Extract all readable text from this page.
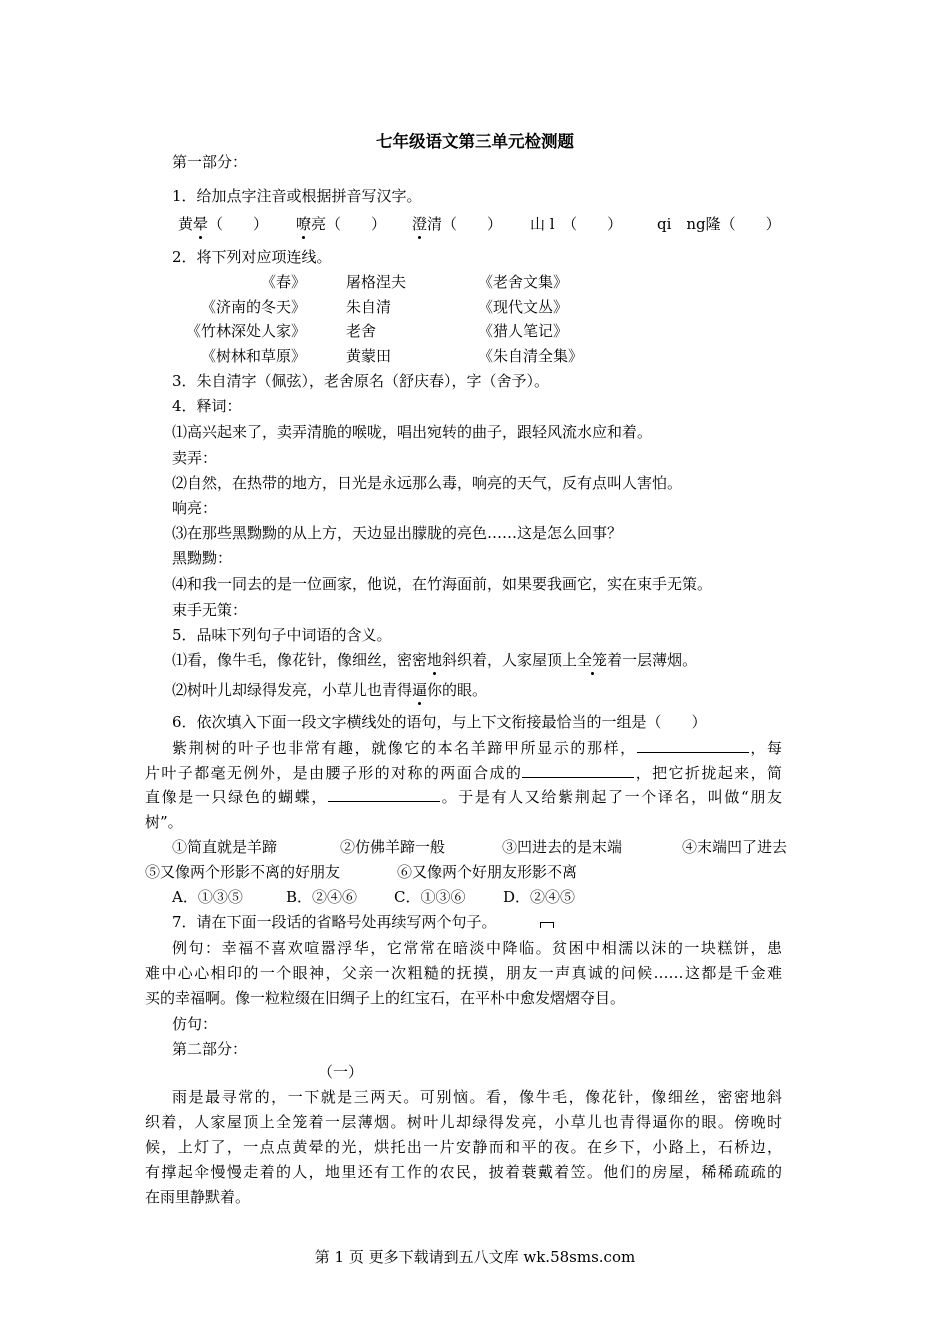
七年级语文第三单元检测题
第一部分：
1．给加点字注音或根据拼音写汉字。
黄晕（　　） 嘹亮（　　） 澄清（　　） 山 l　（　　） qi　ng隆（　　）
2．将下列对应项连线。
《春》	屠格涅夫	《老舍文集》
《济南的冬天》	朱自清	《现代文丛》
《竹林深处人家》	老舍	《猎人笔记》
《树林和草原》	黄蒙田	《朱自清全集》
3．朱自清字（佩弦），老舍原名（舒庆春），字（舍予）。
4．释词：
⑴高兴起来了，卖弄清脆的喉咙，唱出宛转的曲子，跟轻风流水应和着。
卖弄：
⑵自然，在热带的地方，日光是永远那么毒，响亮的天气，反有点叫人害怕。
响亮：
⑶在那些黑黝黝的从上方，天边显出朦胧的亮色……这是怎么回事？
黑黝黝：
⑷和我一同去的是一位画家，他说，在竹海面前，如果要我画它，实在束手无策。
束手无策：
5．品味下列句子中词语的含义。
⑴看，像牛毛，像花针，像细丝，密密地斜织着，人家屋顶上全笼着一层薄烟。
⑵树叶儿却绿得发亮，小草儿也青得逼你的眼。
6．依次填入下面一段文字横线处的语句，与上下文衔接最恰当的一组是（　　）
紫荆树的叶子也非常有趣，就像它的本名羊蹄甲所显示的那样，	，每
片叶子都毫无例外，是由腰子形的对称的两面合成的	，把它折拢起来，简
直像是一只绿色的蝴蝶，	。于是有人又给紫荆起了一个译名，叫做“朋友
树”。
①简直就是羊蹄	②仿佛羊蹄一般	③凹进去的是末端	④末端凹了进去
⑤又像两个形影不离的好朋友	⑥又像两个好朋友形影不离
A．①③⑤	B．②④⑥ C．①③⑥	D．②④⑤
7．请在下面一段话的省略号处再续写两个句子。
例句：幸福不喜欢喧嚣浮华，它常常在暗淡中降临。贫困中相濡以沫的一块糕饼，患
难中心心相印的一个眼神，父亲一次粗糙的抚摸，朋友一声真诚的问候……这都是千金难
买的幸福啊。像一粒粒缀在旧绸子上的红宝石，在平朴中愈发熠熠夺目。
仿句：
第二部分：
（一）
雨是最寻常的，一下就是三两天。可别恼。看，像牛毛，像花针，像细丝，密密地斜
织着，人家屋顶上全笼着一层薄烟。树叶儿却绿得发亮，小草儿也青得逼你的眼。傍晚时
候，上灯了，一点点黄晕的光，烘托出一片安静而和平的夜。在乡下，小路上，石桥边，
有撑起伞慢慢走着的人，地里还有工作的农民，披着蓑戴着笠。他们的房屋，稀稀疏疏的
在雨里静默着。
第 1 页 更多下载请到五八文库 wk.58sms.com
